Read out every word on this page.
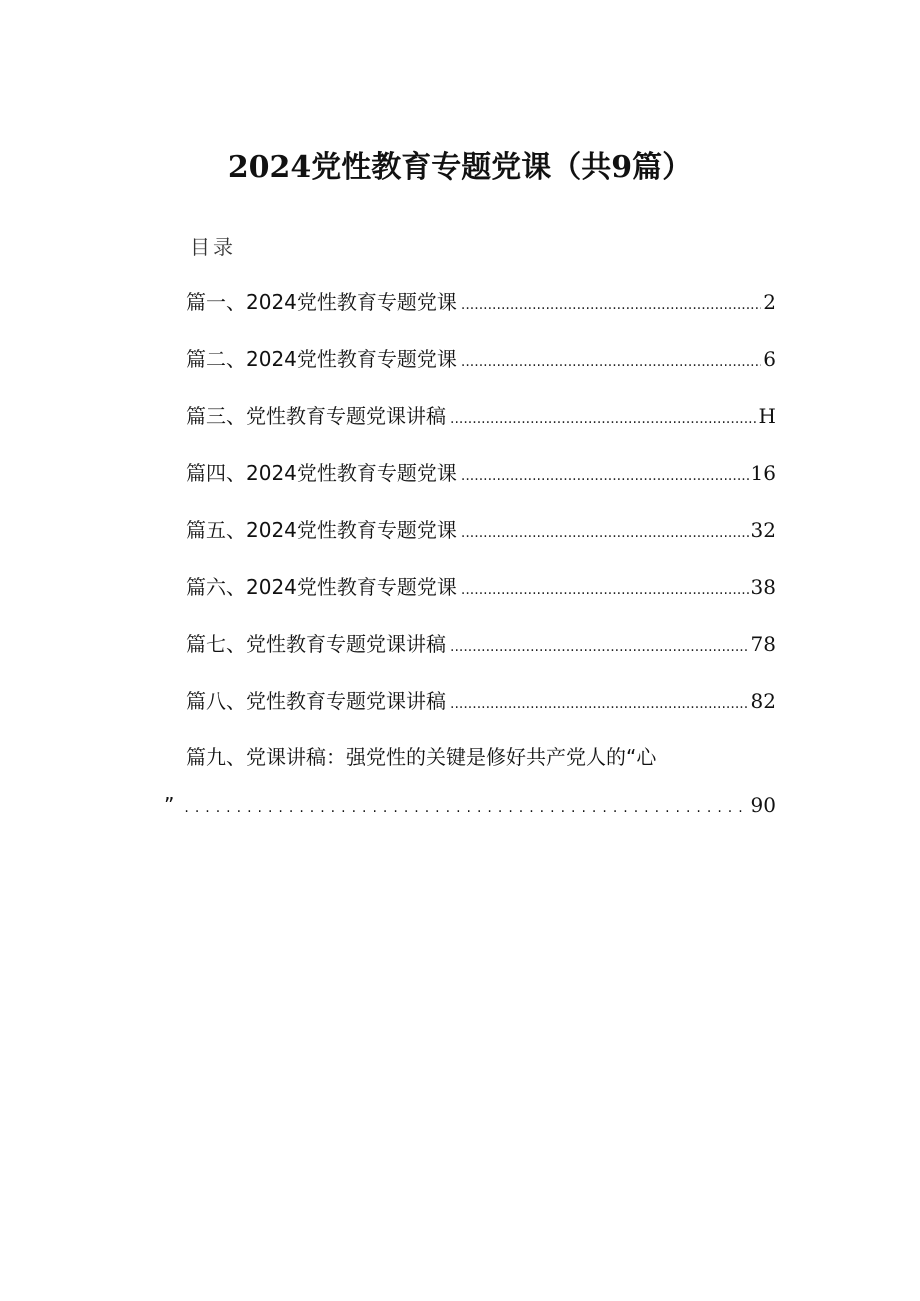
2024党性教育专题党课（共9篇）
目录
篇一、2024党性教育专题党课 .....	2
篇二、2024党性教育专题党课 .....	6
篇三、党性教育专题党课讲稿 .....	H
篇四、2024党性教育专题党课 .....	16
篇五、2024党性教育专题党课 .....	32
篇六、2024党性教育专题党课 .....	38
篇七、党性教育专题党课讲稿 .....	78
篇八、党性教育专题党课讲稿 .....	82
篇九、党课讲稿：强党性的关键是修好共产党人的“心
” .....	90
